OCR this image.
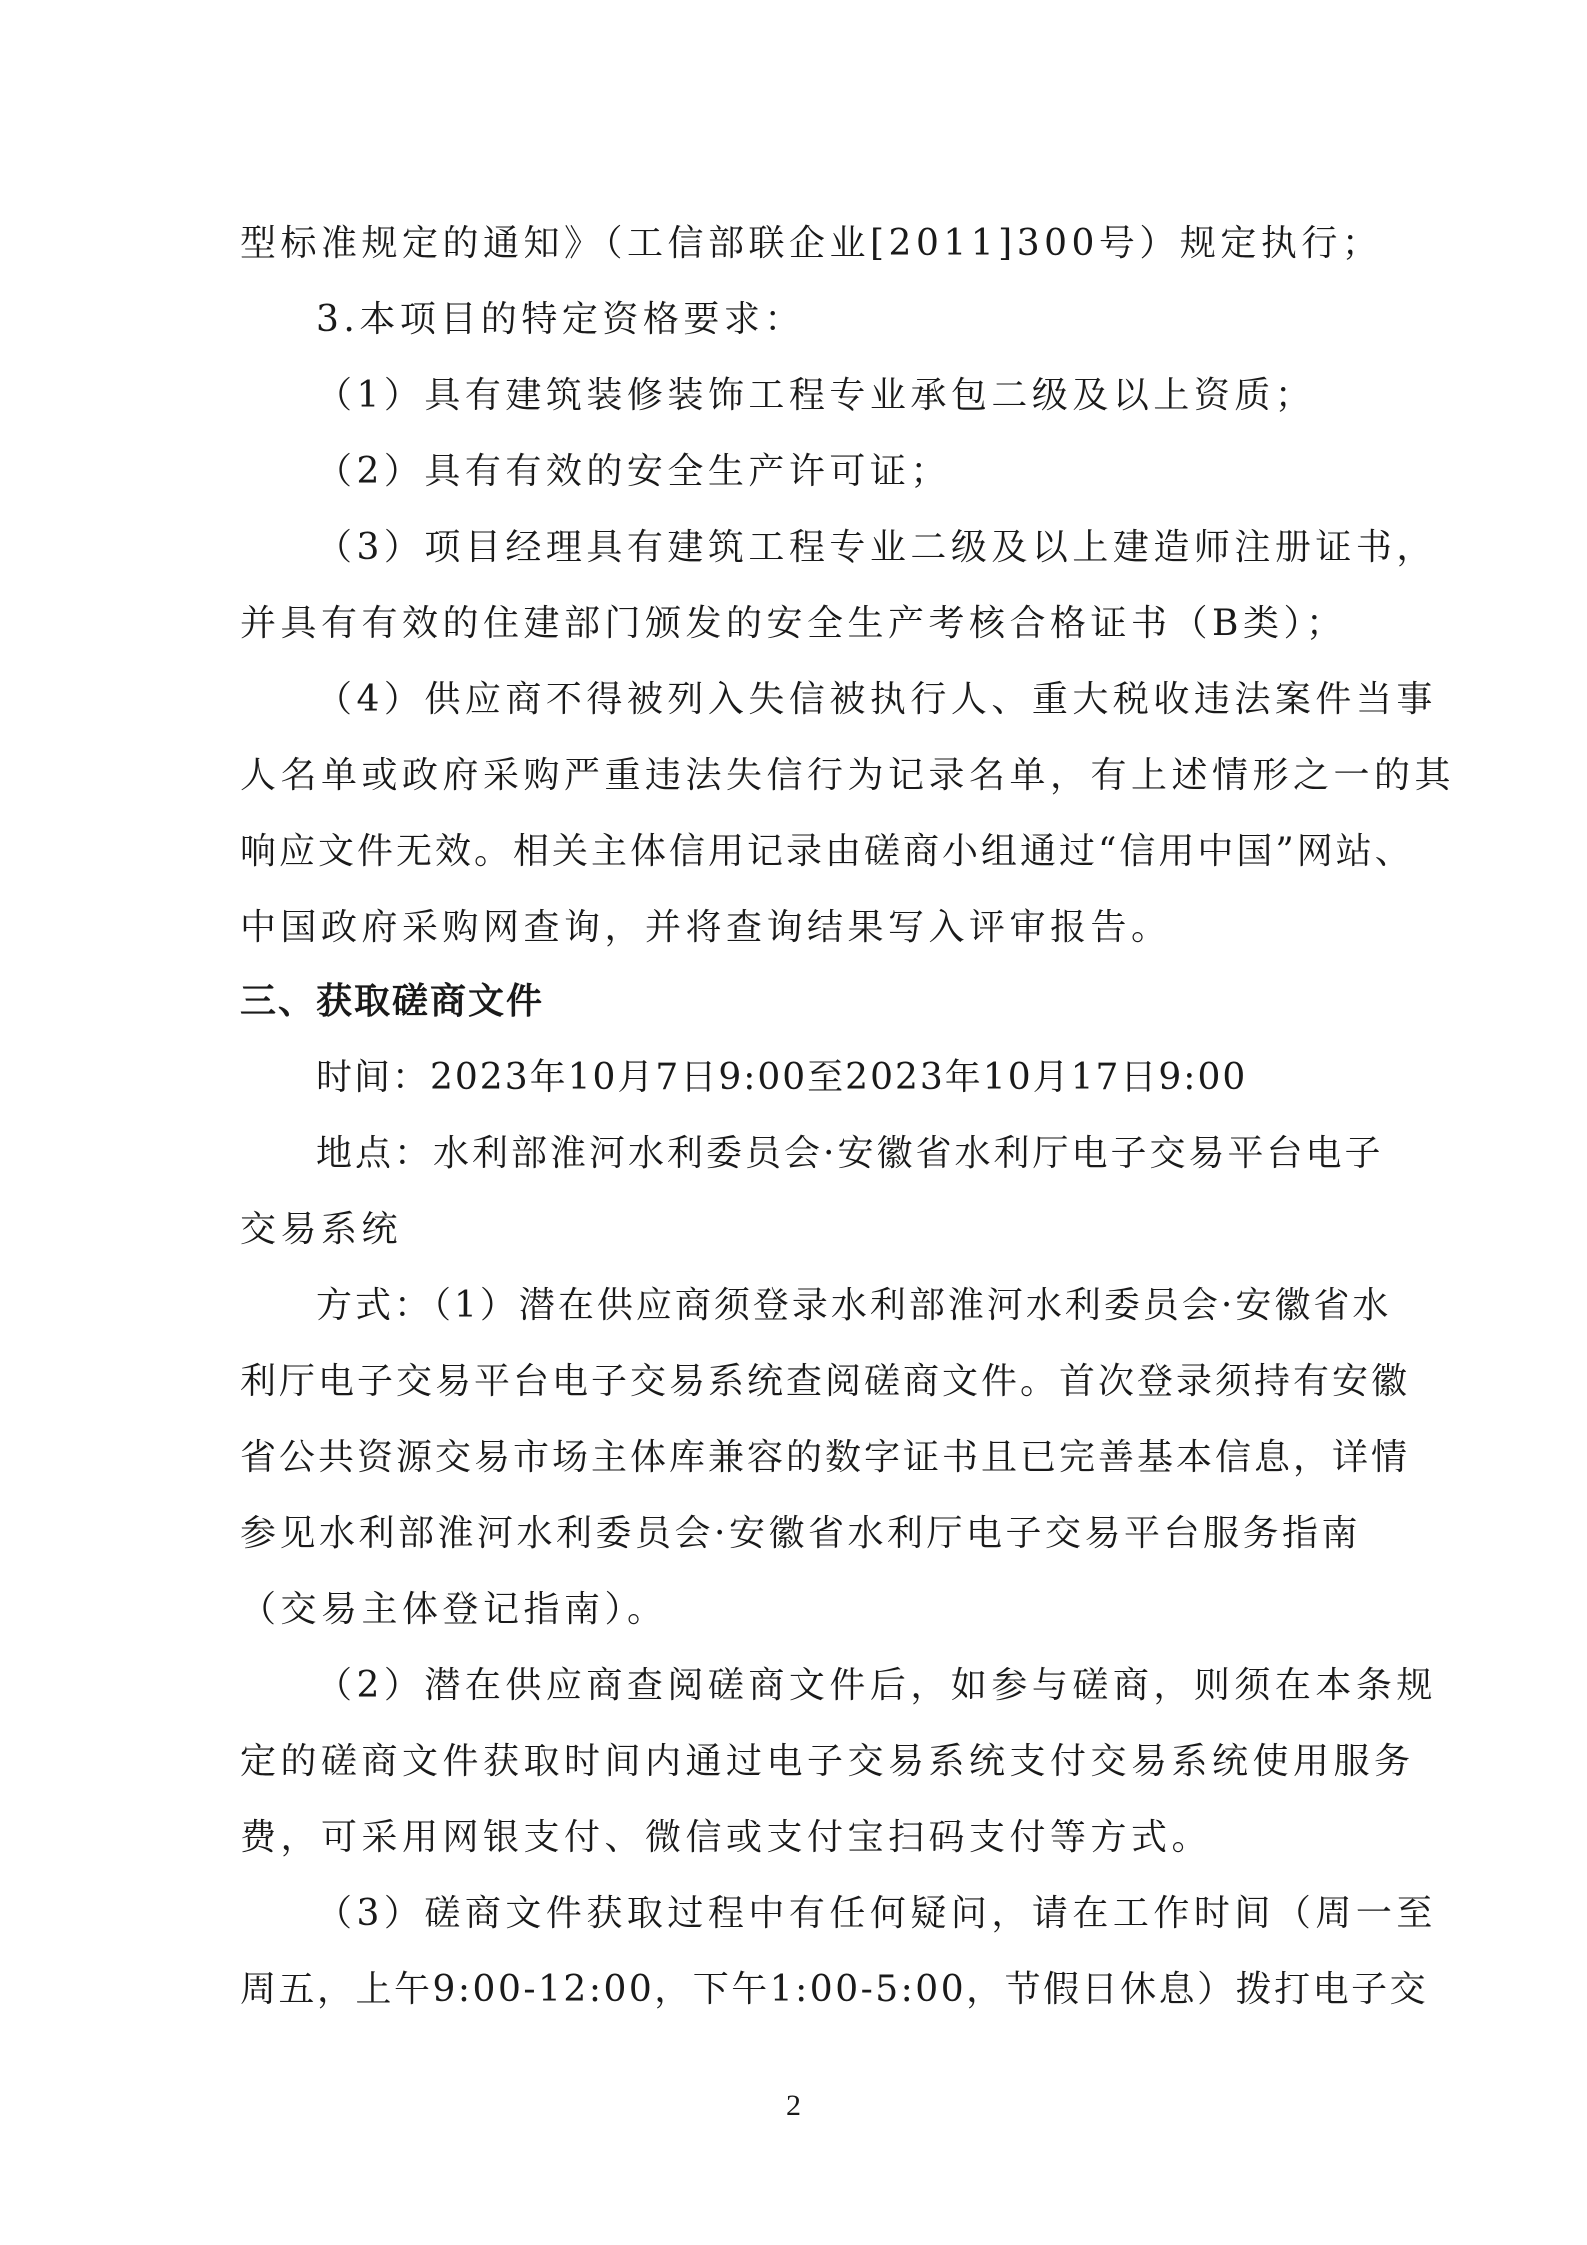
型标准规定的通知》（工信部联企业[2011]300号）规定执行；
3.本项目的特定资格要求：
（1）具有建筑装修装饰工程专业承包二级及以上资质；
（2）具有有效的安全生产许可证；
（3）项目经理具有建筑工程专业二级及以上建造师注册证书，
并具有有效的住建部门颁发的安全生产考核合格证书（B类）；
（4）供应商不得被列入失信被执行人、重大税收违法案件当事
人名单或政府采购严重违法失信行为记录名单，有上述情形之一的其
响应文件无效。相关主体信用记录由磋商小组通过“信用中国”网站、
中国政府采购网查询，并将查询结果写入评审报告。
三、获取磋商文件
时间：2023年10月7日9:00至2023年10月17日9:00
地点：水利部淮河水利委员会·安徽省水利厅电子交易平台电子
交易系统
方式：（1）潜在供应商须登录水利部淮河水利委员会·安徽省水
利厅电子交易平台电子交易系统查阅磋商文件。首次登录须持有安徽
省公共资源交易市场主体库兼容的数字证书且已完善基本信息，详情
参见水利部淮河水利委员会·安徽省水利厅电子交易平台服务指南
（交易主体登记指南）。
（2）潜在供应商查阅磋商文件后，如参与磋商，则须在本条规
定的磋商文件获取时间内通过电子交易系统支付交易系统使用服务
费，可采用网银支付、微信或支付宝扫码支付等方式。
（3）磋商文件获取过程中有任何疑问，请在工作时间（周一至
周五，上午9:00-12:00，下午1:00-5:00，节假日休息）拨打电子交
2
